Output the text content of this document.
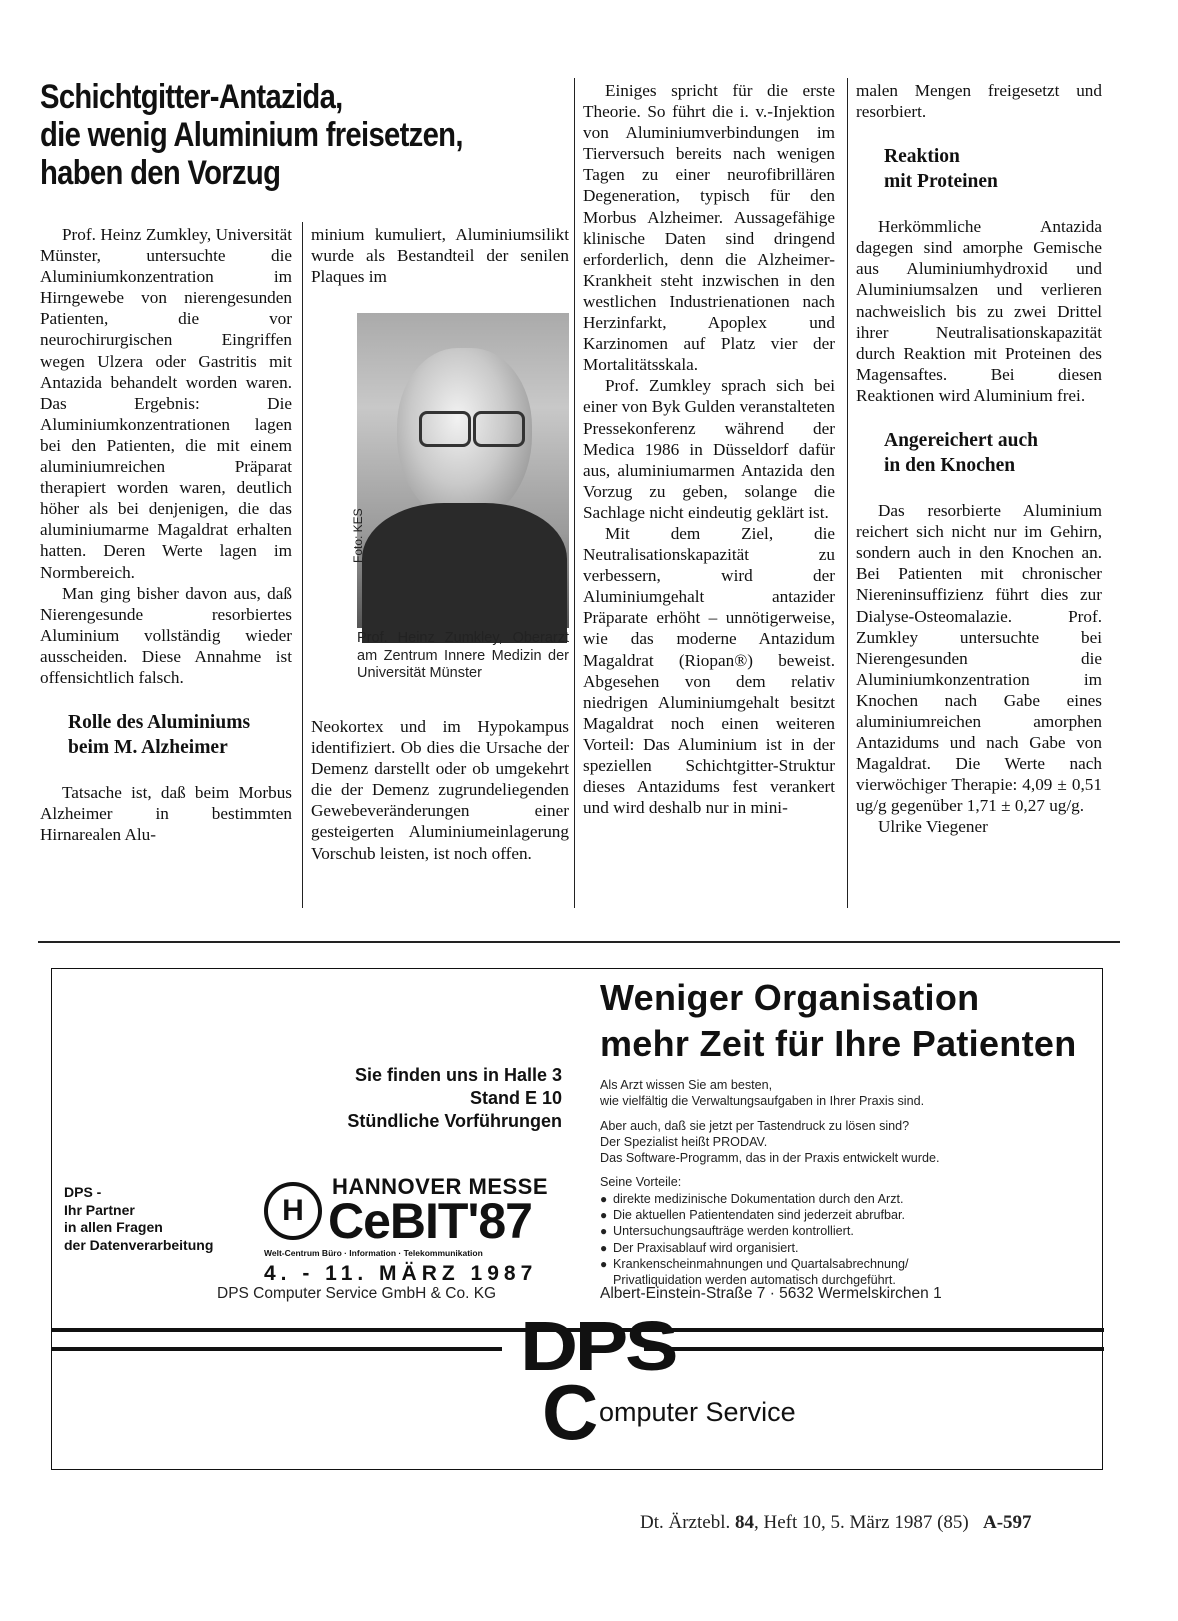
Schichtgitter-Antazida,
die wenig Aluminium freisetzen,
haben den Vorzug

Prof. Heinz Zumkley, Universität Münster, untersuchte die Aluminiumkonzentration im Hirngewebe von nierengesunden Patienten, die vor neurochirurgischen Eingriffen wegen Ulzera oder Gastritis mit Antazida behandelt worden waren. Das Ergebnis: Die Aluminiumkonzentrationen lagen bei den Patienten, die mit einem aluminiumreichen Präparat therapiert worden waren, deutlich höher als bei denjenigen, die das aluminiumarme Magaldrat erhalten hatten. Deren Werte lagen im Normbereich.

Man ging bisher davon aus, daß Nierengesunde resorbiertes Aluminium vollständig wieder ausscheiden. Diese Annahme ist offensichtlich falsch.

Rolle des Aluminiums
beim M. Alzheimer

Tatsache ist, daß beim Morbus Alzheimer in bestimmten Hirnarealen Alu-

minium kumuliert, Aluminiumsilikt wurde als Bestandteil der senilen Plaques im

Foto: KES
Prof. Heinz Zumkley, Oberarzt am Zentrum Innere Medizin der Universität Münster

Neokortex und im Hypokampus identifiziert. Ob dies die Ursache der Demenz darstellt oder ob umgekehrt die der Demenz zugrundeliegenden Gewebeveränderungen einer gesteigerten Aluminiumeinlagerung Vorschub leisten, ist noch offen.

Einiges spricht für die erste Theorie. So führt die i. v.-Injektion von Aluminiumverbindungen im Tierversuch bereits nach wenigen Tagen zu einer neurofibrillären Degeneration, typisch für den Morbus Alzheimer. Aussagefähige klinische Daten sind dringend erforderlich, denn die Alzheimer-Krankheit steht inzwischen in den westlichen Industrienationen nach Herzinfarkt, Apoplex und Karzinomen auf Platz vier der Mortalitätsskala.

Prof. Zumkley sprach sich bei einer von Byk Gulden veranstalteten Pressekonferenz während der Medica 1986 in Düsseldorf dafür aus, aluminiumarmen Antazida den Vorzug zu geben, solange die Sachlage nicht eindeutig geklärt ist.

Mit dem Ziel, die Neutralisationskapazität zu verbessern, wird der Aluminiumgehalt antazider Präparate erhöht – unnötigerweise, wie das moderne Antazidum Magaldrat (Riopan®) beweist. Abgesehen von dem relativ niedrigen Aluminiumgehalt besitzt Magaldrat noch einen weiteren Vorteil: Das Aluminium ist in der speziellen Schichtgitter-Struktur dieses Antazidums fest verankert und wird deshalb nur in mini-

malen Mengen freigesetzt und resorbiert.

Reaktion
mit Proteinen

Herkömmliche Antazida dagegen sind amorphe Gemische aus Aluminiumhydroxid und Aluminiumsalzen und verlieren nachweislich bis zu zwei Drittel ihrer Neutralisationskapazität durch Reaktion mit Proteinen des Magensaftes. Bei diesen Reaktionen wird Aluminium frei.

Angereichert auch
in den Knochen

Das resorbierte Aluminium reichert sich nicht nur im Gehirn, sondern auch in den Knochen an. Bei Patienten mit chronischer Niereninsuffizienz führt dies zur Dialyse-Osteomalazie. Prof. Zumkley untersuchte bei Nierengesunden die Aluminiumkonzentration im Knochen nach Gabe eines aluminiumreichen amorphen Antazidums und nach Gabe von Magaldrat. Die Werte nach vierwöchiger Therapie: 4,09 ± 0,51 ug/g gegenüber 1,71 ± 0,27 ug/g.

Ulrike Viegener

Weniger Organisation
mehr Zeit für Ihre Patienten
Sie finden uns in Halle 3
Stand E 10
Stündliche Vorführungen
DPS -
Ihr Partner
in allen Fragen
der Datenverarbeitung
H
HANNOVER MESSE
CeBIT'87
Welt-Centrum Büro · Information · Telekommunikation
4. - 11. MÄRZ 1987
Als Arzt wissen Sie am besten,
wie vielfältig die Verwaltungsaufgaben in Ihrer Praxis sind.
Aber auch, daß sie jetzt per Tastendruck zu lösen sind?
Der Spezialist heißt PRODAV.
Das Software-Programm, das in der Praxis entwickelt wurde.
Seine Vorteile:
● direkte medizinische Dokumentation durch den Arzt.
● Die aktuellen Patientendaten sind jederzeit abrufbar.
● Untersuchungsaufträge werden kontrolliert.
● Der Praxisablauf wird organisiert.
● Krankenscheinmahnungen und Quartalsabrechnung/
Privatliquidation werden automatisch durchgeführt.
DPS Computer Service GmbH & Co. KG	Albert-Einstein-Straße 7 · 5632 Wermelskirchen 1
DPS
C omputer Service
Dt. Ärztebl. 84, Heft 10, 5. März 1987 (85) A-597
